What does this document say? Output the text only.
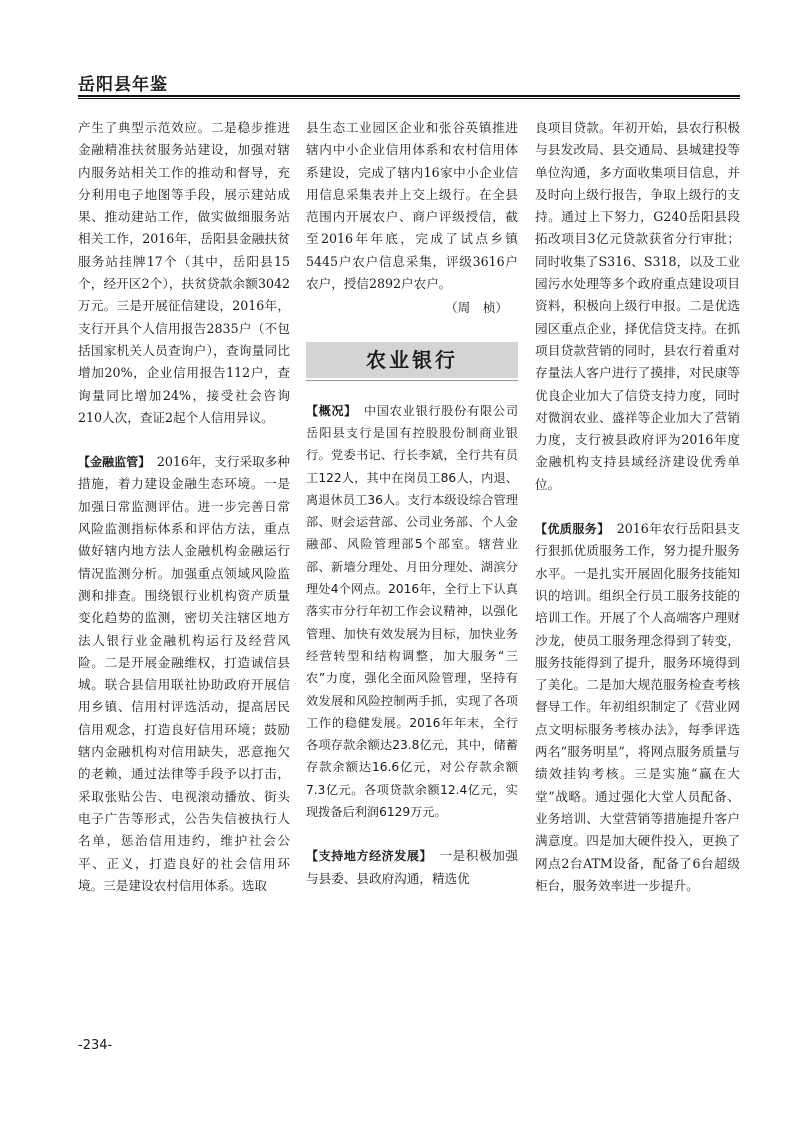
岳阳县年鉴

产生了典型示范效应。二是稳步推进金融精准扶贫服务站建设，加强对辖内服务站相关工作的推动和督导，充分利用电子地图等手段，展示建站成果、推动建站工作，做实做细服务站相关工作，2016年，岳阳县金融扶贫服务站挂牌17个（其中，岳阳县15个，经开区2个），扶贫贷款余额3042万元。三是开展征信建设，2016年，支行开具个人信用报告2835户（不包括国家机关人员查询户），查询量同比增加20%，企业信用报告112户，查询量同比增加24%，接受社会咨询210人次，查证2起个人信用异议。

【金融监管】　 2016年，支行采取多种措施，着力建设金融生态环境。一是加强日常监测评估。进一步完善日常风险监测指标体系和评估方法，重点做好辖内地方法人金融机构金融运行情况监测分析。加强重点领域风险监测和排查。围绕银行业机构资产质量变化趋势的监测，密切关注辖区地方法人银行业金融机构运行及经营风险。二是开展金融维权，打造诚信县城。联合县信用联社协助政府开展信用乡镇、信用村评选活动，提高居民信用观念，打造良好信用环境；鼓励辖内金融机构对信用缺失，恶意拖欠的老赖，通过法律等手段予以打击，采取张贴公告、电视滚动播放、街头电子广告等形式，公告失信被执行人名单，惩治信用违约，维护社会公平、正义，打造良好的社会信用环境。三是建设农村信用体系。选取

县生态工业园区企业和张谷英镇推进辖内中小企业信用体系和农村信用体系建设，完成了辖内16家中小企业信用信息采集表并上交上级行。在全县范围内开展农户、商户评级授信，截至2016年年底，完成了试点乡镇5445户农户信息采集，评级3616户农户，授信2892户农户。

（周　桢）

农业银行

【概况】　 中国农业银行股份有限公司岳阳县支行是国有控股股份制商业银行。党委书记、行长李斌，全行共有员工122人，其中在岗员工86人，内退、离退休员工36人。支行本级设综合管理部、财会运营部、公司业务部、个人金融部、风险管理部5个部室。辖营业部、新墙分理处、月田分理处、湖滨分理处4个网点。2016年，全行上下认真落实市分行年初工作会议精神，以强化管理、加快有效发展为目标，加快业务经营转型和结构调整，加大服务“三农”力度，强化全面风险管理，坚持有效发展和风险控制两手抓，实现了各项工作的稳健发展。2016年年末，全行各项存款余额达23.8亿元，其中，储蓄存款余额达16.6亿元，对公存款余额7.3亿元。各项贷款余额12.4亿元，实现拨备后利润6129万元。

【支持地方经济发展】　 一是积极加强与县委、县政府沟通，精选优

良项目贷款。年初开始，县农行积极与县发改局、县交通局、县城建投等单位沟通，多方面收集项目信息，并及时向上级行报告，争取上级行的支持。通过上下努力，G240岳阳县段拓改项目3亿元贷款获省分行审批；同时收集了S316、S318，以及工业园污水处理等多个政府重点建设项目资料，积极向上级行申报。二是优选园区重点企业，择优信贷支持。在抓项目贷款营销的同时，县农行着重对存量法人客户进行了摸排，对民康等优良企业加大了信贷支持力度，同时对微润农业、盛祥等企业加大了营销力度，支行被县政府评为2016年度金融机构支持县域经济建设优秀单位。

【优质服务】　 2016年农行岳阳县支行狠抓优质服务工作，努力提升服务水平。一是扎实开展固化服务技能知识的培训。组织全行员工服务技能的培训工作。开展了个人高端客户理财沙龙，使员工服务理念得到了转变，服务技能得到了提升，服务环境得到了美化。二是加大规范服务检查考核督导工作。年初组织制定了《营业网点文明标服务考核办法》，每季评选两名“服务明星”，将网点服务质量与绩效挂钩考核。三是实施“赢在大堂”战略。通过强化大堂人员配备、业务培训、大堂营销等措施提升客户满意度。四是加大硬件投入，更换了网点2台ATM设备，配备了6台超级柜台，服务效率进一步提升。

-234-
